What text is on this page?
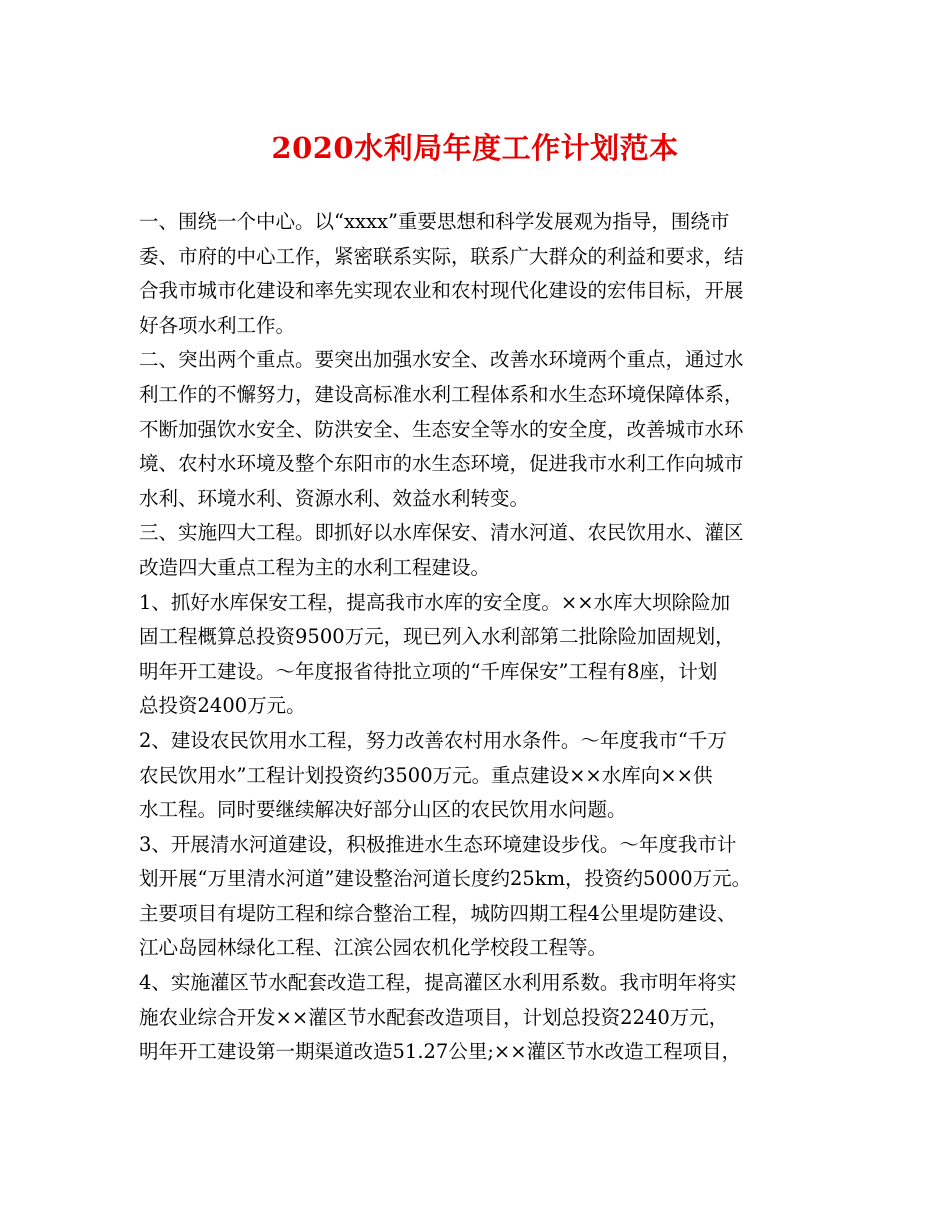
2020水利局年度工作计划范本
一、围绕一个中心。以“xxxx”重要思想和科学发展观为指导，围绕市
委、市府的中心工作，紧密联系实际，联系广大群众的利益和要求，结
合我市城市化建设和率先实现农业和农村现代化建设的宏伟目标，开展
好各项水利工作。
二、突出两个重点。要突出加强水安全、改善水环境两个重点，通过水
利工作的不懈努力，建设高标准水利工程体系和水生态环境保障体系，
不断加强饮水安全、防洪安全、生态安全等水的安全度，改善城市水环
境、农村水环境及整个东阳市的水生态环境，促进我市水利工作向城市
水利、环境水利、资源水利、效益水利转变。
三、实施四大工程。即抓好以水库保安、清水河道、农民饮用水、灌区
改造四大重点工程为主的水利工程建设。
1、抓好水库保安工程，提高我市水库的安全度。××水库大坝除险加
固工程概算总投资9500万元，现已列入水利部第二批除险加固规划，
明年开工建设。～年度报省待批立项的“千库保安”工程有8座，计划
总投资2400万元。
2、建设农民饮用水工程，努力改善农村用水条件。～年度我市“千万
农民饮用水”工程计划投资约3500万元。重点建设××水库向××供
水工程。同时要继续解决好部分山区的农民饮用水问题。
3、开展清水河道建设，积极推进水生态环境建设步伐。～年度我市计
划开展“万里清水河道”建设整治河道长度约25km，投资约5000万元。
主要项目有堤防工程和综合整治工程，城防四期工程4公里堤防建设、
江心岛园林绿化工程、江滨公园农机化学校段工程等。
4、实施灌区节水配套改造工程，提高灌区水利用系数。我市明年将实
施农业综合开发××灌区节水配套改造项目，计划总投资2240万元，
明年开工建设第一期渠道改造51.27公里;××灌区节水改造工程项目，
